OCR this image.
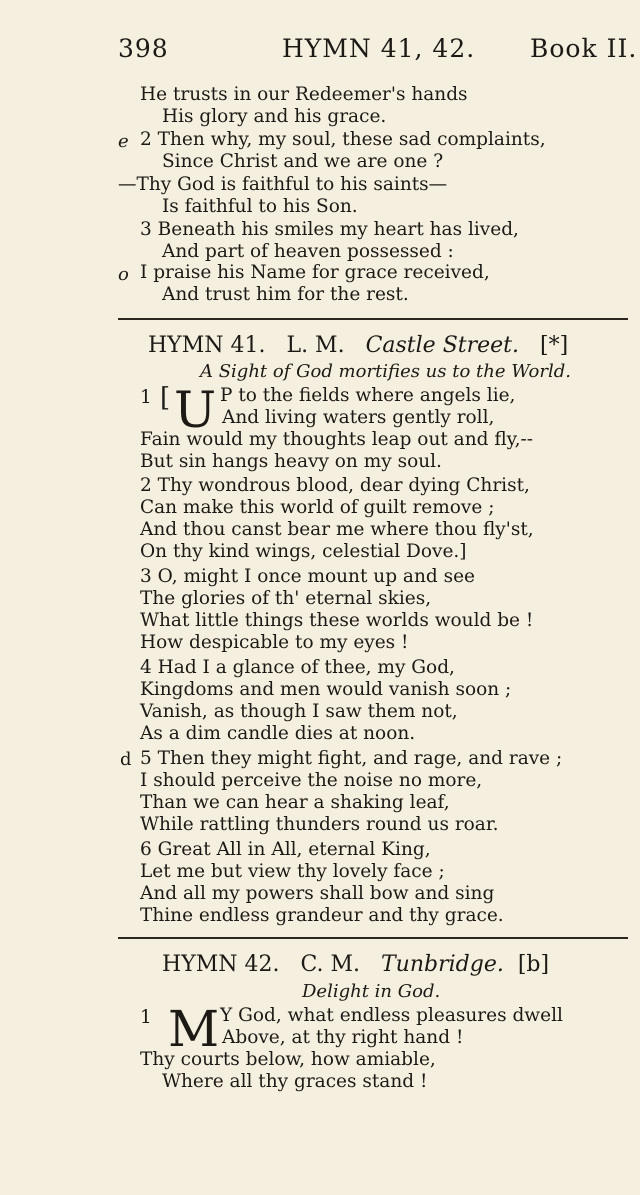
398	HYMN 41, 42. Book II.
He trusts in our Redeemer's hands
His glory and his grace.
e 2 Then why, my soul, these sad complaints,
Since Christ and we are one ?
—Thy God is faithful to his saints—
Is faithful to his Son.
3 Beneath his smiles my heart has lived,
And part of heaven possessed :
o I praise his Name for grace received,
And trust him for the rest.
HYMN 41. L. M. Castle Street. [*]
A Sight of God mortifies us to the World.
1 [ U P to the fields where angels lie,
And living waters gently roll,
Fain would my thoughts leap out and fly,--
But sin hangs heavy on my soul.
2 Thy wondrous blood, dear dying Christ,
Can make this world of guilt remove ;
And thou canst bear me where thou fly'st,
On thy kind wings, celestial Dove.]
3 O, might I once mount up and see
The glories of th' eternal skies,
What little things these worlds would be !
How despicable to my eyes !
4 Had I a glance of thee, my God,
Kingdoms and men would vanish soon ;
Vanish, as though I saw them not,
As a dim candle dies at noon.
d 5 Then they might fight, and rage, and rave ;
I should perceive the noise no more,
Than we can hear a shaking leaf,
While rattling thunders round us roar.
6 Great All in All, eternal King,
Let me but view thy lovely face ;
And all my powers shall bow and sing
Thine endless grandeur and thy grace.
HYMN 42. C. M. Tunbridge. [b]
Delight in God.
1 M Y God, what endless pleasures dwell
Above, at thy right hand !
Thy courts below, how amiable,
Where all thy graces stand !
